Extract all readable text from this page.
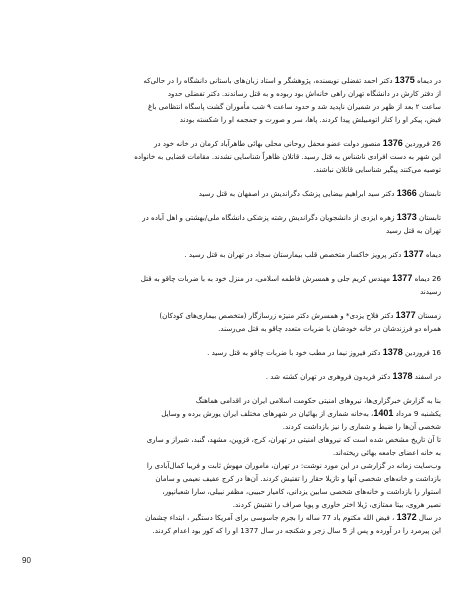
در دیماه 1375 دکتر احمد تفضلی نویسنده، پژوهشگر و استاد زبان‌های باستانی دانشگاه را در حالی‌که
از دفتر کارش در دانشگاه تهران راهی خانه‌اش بود ربوده و به قتل رساندند. دکتر تفضلی حدود
ساعت ۲ بعد از ظهر در شمیران ناپدید شد و حدود ساعت ۹ شب مأموران گشت پاسگاه انتظامی باغ
فیض، پیکر او را کنار اتومبیلش پیدا کردند. پاها، سر و صورت و جمجمه او را شکسته بودند
26 فروردین 1376 منصور دولت عضو محفل روحانی محلی بهائی طاهرآباد کرمان در خانه خود در
این شهر به دست افرادی ناشناس به قتل رسید. قاتلان ظاهراً شناسایی نشدند. مقامات قضایی به خانواده
توصیه می‌کنند پیگیر شناسایی قاتلان نباشند.
تابستان 1366 دکتر سید ابراهیم بیضایی پزشک دگراندیش در اصفهان به قتل رسید
تابستان 1373 زهره ایزدی از دانشجویان دگراندیش رشته پزشکی دانشگاه ملی/بهشتی و اهل آباده در
تهران به قتل رسید
دیماه 1377 دکتر پرویز خاکسار متخصص قلب بیمارستان سجاد در تهران به قتل رسید .
26 دیماه 1377 مهندس کریم جلی و همسرش فاطمه اسلامی، در منزل خود به با ضربات چاقو به قتل
رسیدند
زمستان 1377 دکتر فلاح یزدی* و همسرش دکتر منیژه زرسازگار (متخصص بیماری‌های کودکان)
همراه دو فرزندشان در خانه خودشان با ضربات متعدد چاقو به قتل می‌رسند.
16 فروردین 1378 دکتر فیروز نیما در مطب خود با ضربات چاقو به قتل رسید .
در اسفند 1378 دکتر فریدون فروهری در تهران کشته شد .
بنا به گزارش خبرگزاری‌ها، نیروهای امنیتی حکومت اسلامی ایران در اقدامی هماهنگ
یکشنبه 9 مرداد 1401، به‌خانه شماری از بهائیان در شهرهای مختلف ایران یورش برده و وسایل
شخصی آن‌ها را ضبط و شماری را نیز بازداشت کردند.
تا آن تاریخ مشخص شده است که نیروهای امنیتی در تهران، کرج، قزوین، مشهد، گنبد، شیراز و ساری
به خانه اعضای جامعه بهائی ریخته‌اند.
وب‌سایت زمانه در گزارشی در این مورد نوشت: در تهران، ماموران مهوش ثابت و فریبا کمال‌آبادی را
بازداشت و خانه‌های شخصی آنها و تازیلا حقار را تفتیش کردند. آن‌ها در کرج عفیف نعیمی و سامان
استوار را بازداشت و خانه‌های شخصی سابین یزدانی، کامیار حبیبی، مظفر نبیلی، سارا شعبانپور،
نصیر هروی، بیتا ممتازی، ژیلا اختر خاوری و پویا صراف را تفتیش کردند.
در سال 1372 ، فیض الله مکتوم باد 77 ساله را بجرم جاسوسی برای آمریکا دستگیر ، ابتداء چشمان
این پیرمرد را در آورده و پس از 5 سال زجر و شکنجه در سال 1377 او را که کور بود اعدام کردند.
90
